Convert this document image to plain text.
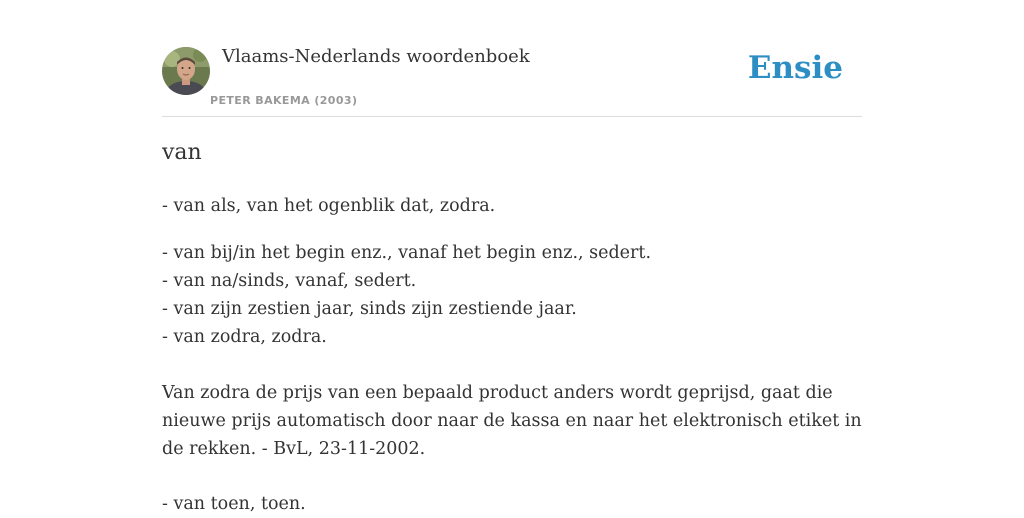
Vlaams-Nederlands woordenboek
PETER BAKEMA (2003)
Ensie
van
- van als, van het ogenblik dat, zodra.
- van bij/in het begin enz., vanaf het begin enz., sedert.
- van na/sinds, vanaf, sedert.
- van zijn zestien jaar, sinds zijn zestiende jaar.
- van zodra, zodra.
Van zodra de prijs van een bepaald product anders wordt geprijsd, gaat die nieuwe prijs automatisch door naar de kassa en naar het elektronisch etiket in de rekken. - BvL, 23-11-2002.
- van toen, toen.
